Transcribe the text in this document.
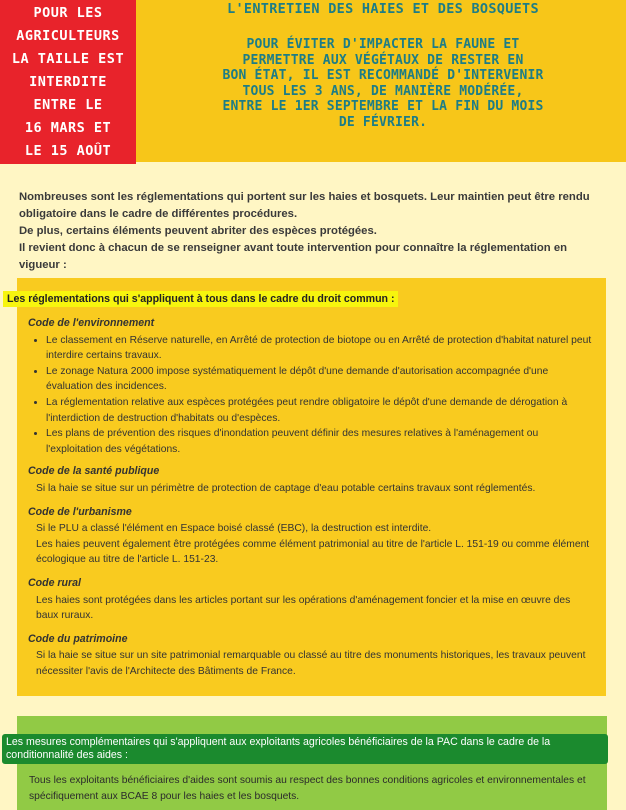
POUR LES
AGRICULTEURS
LA TAILLE EST
INTERDITE
ENTRE LE
16 MARS ET
LE 15 AOÛT
L'ENTRETIEN DES HAIES ET DES BOSQUETS
POUR ÉVITER D'IMPACTER LA FAUNE ET
PERMETTRE AUX VÉGÉTAUX DE RESTER EN
BON ÉTAT, IL EST RECOMMANDÉ D'INTERVENIR
TOUS LES 3 ANS, DE MANIÈRE MODÉRÉE,
ENTRE LE 1ER SEPTEMBRE ET LA FIN DU MOIS
DE FÉVRIER.

Nombreuses sont les réglementations qui portent sur les haies et bosquets. Leur maintien peut être rendu obligatoire dans le cadre de différentes procédures.

De plus, certains éléments peuvent abriter des espèces protégées.

Il revient donc à chacun de se renseigner avant toute intervention pour connaître la réglementation en vigueur :

Les réglementations qui s'appliquent à tous dans le cadre du droit commun :

Code de l'environnement

• Le classement en Réserve naturelle, en Arrêté de protection de biotope ou en Arrêté de protection d'habitat naturel peut interdire certains travaux.
• Le zonage Natura 2000 impose systématiquement le dépôt d'une demande d'autorisation accompagnée d'une évaluation des incidences.
• La réglementation relative aux espèces protégées peut rendre obligatoire le dépôt d'une demande de dérogation à l'interdiction de destruction d'habitats ou d'espèces.
• Les plans de prévention des risques d'inondation peuvent définir des mesures relatives à l'aménagement ou l'exploitation des végétations.

Code de la santé publique

Si la haie se situe sur un périmètre de protection de captage d'eau potable certains travaux sont réglementés.

Code de l'urbanisme

Si le PLU a classé l'élément en Espace boisé classé (EBC), la destruction est interdite.
Les haies peuvent également être protégées comme élément patrimonial au titre de l'article L. 151-19 ou comme élément écologique au titre de l'article L. 151-23.

Code rural

Les haies sont protégées dans les articles portant sur les opérations d'aménagement foncier et la mise en œuvre des baux ruraux.

Code du patrimoine

Si la haie se situe sur un site patrimonial remarquable ou classé au titre des monuments historiques, les travaux peuvent nécessiter l'avis de l'Architecte des Bâtiments de France.
Les mesures complémentaires qui s'appliquent aux exploitants agricoles bénéficiaires de la PAC dans le cadre de la conditionnalité des aides :
Tous les exploitants bénéficiaires d'aides sont soumis au respect des bonnes conditions agricoles et environnementales et spécifiquement aux BCAE 8 pour les haies et les bosquets.
